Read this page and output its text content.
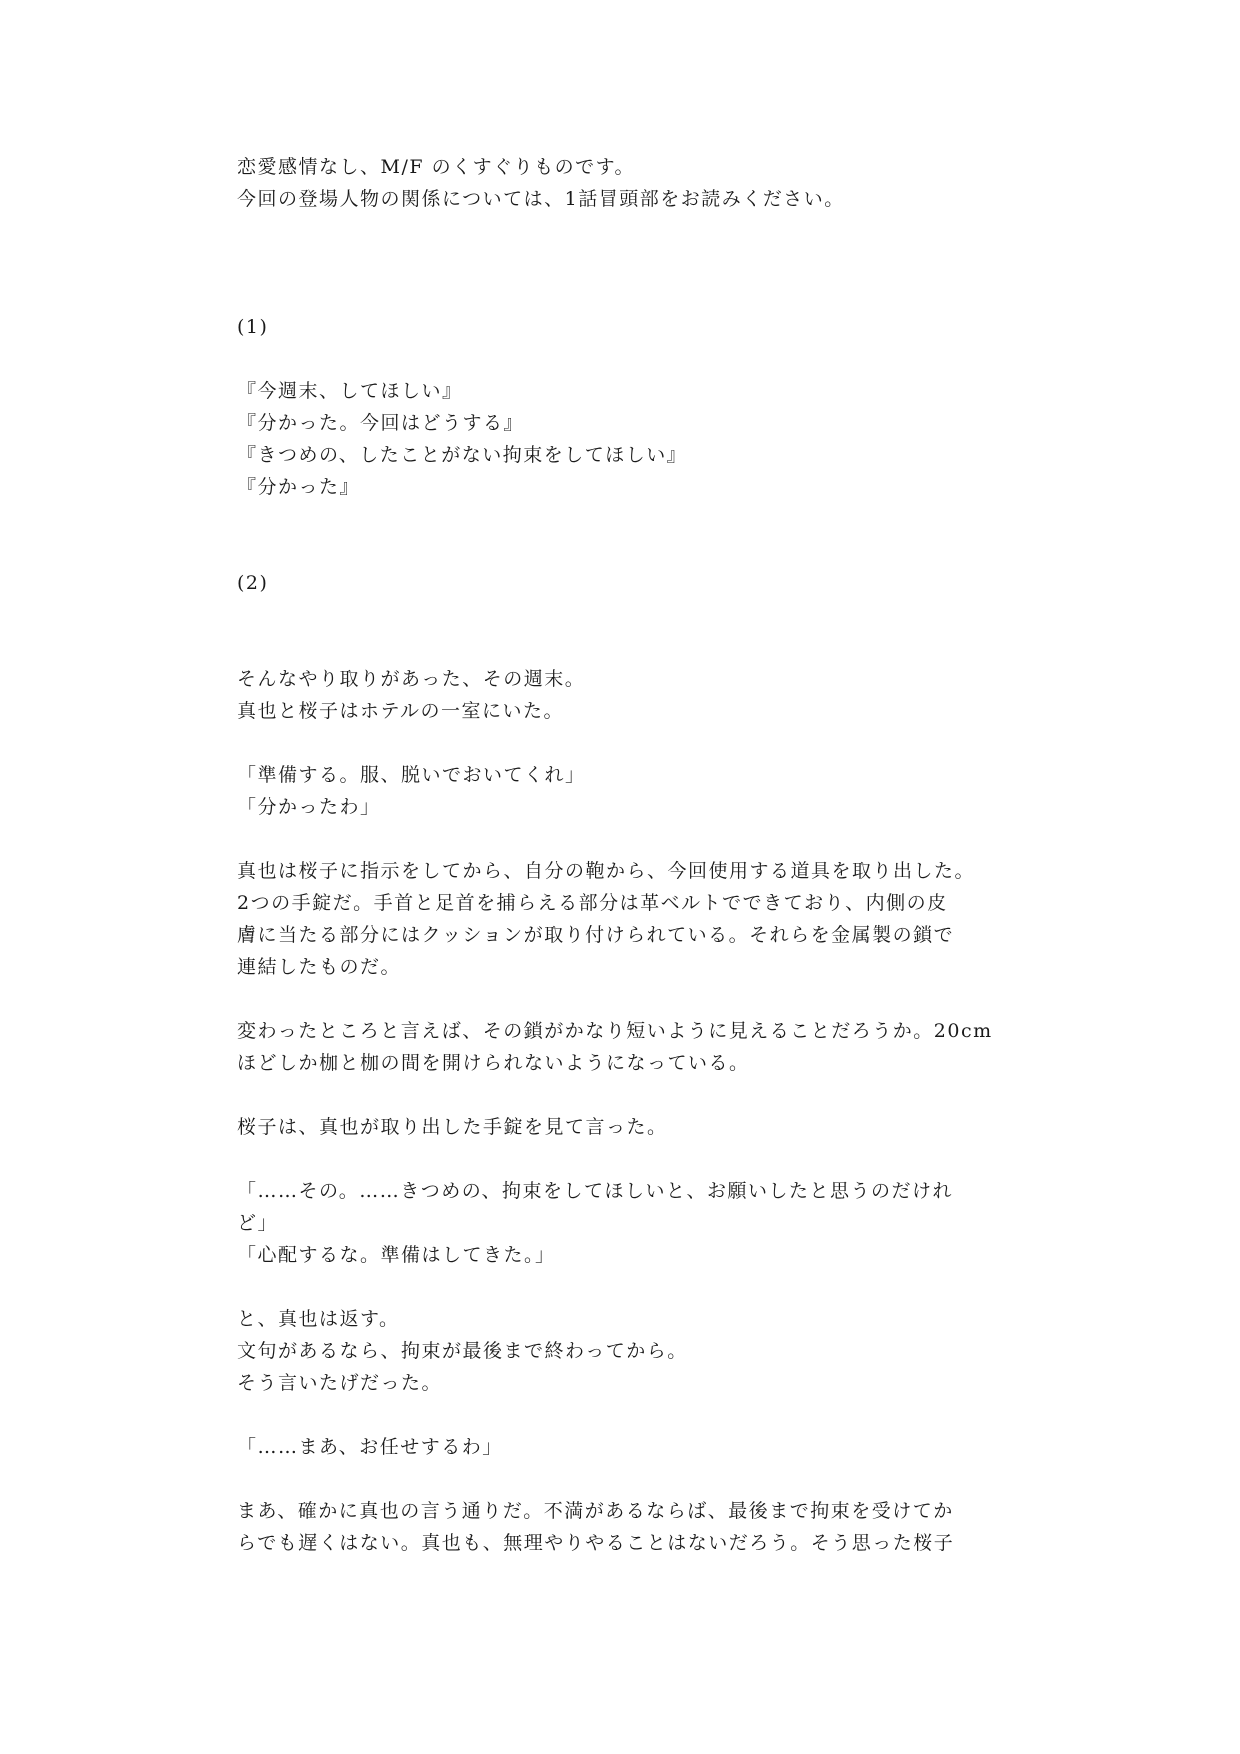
恋愛感情なし、M/F のくすぐりものです。
今回の登場人物の関係については、1話冒頭部をお読みください。
(1)
『今週末、してほしい』
『分かった。今回はどうする』
『きつめの、したことがない拘束をしてほしい』
『分かった』
(2)
そんなやり取りがあった、その週末。
真也と桜子はホテルの一室にいた。
「準備する。服、脱いでおいてくれ」
「分かったわ」
真也は桜子に指示をしてから、自分の鞄から、今回使用する道具を取り出した。
2つの手錠だ。手首と足首を捕らえる部分は革ベルトでできており、内側の皮
膚に当たる部分にはクッションが取り付けられている。それらを金属製の鎖で
連結したものだ。
変わったところと言えば、その鎖がかなり短いように見えることだろうか。20cm
ほどしか枷と枷の間を開けられないようになっている。
桜子は、真也が取り出した手錠を見て言った。
「……その。……きつめの、拘束をしてほしいと、お願いしたと思うのだけれ
ど」
「心配するな。準備はしてきた。」
と、真也は返す。
文句があるなら、拘束が最後まで終わってから。
そう言いたげだった。
「……まあ、お任せするわ」
まあ、確かに真也の言う通りだ。不満があるならば、最後まで拘束を受けてか
らでも遅くはない。真也も、無理やりやることはないだろう。そう思った桜子
